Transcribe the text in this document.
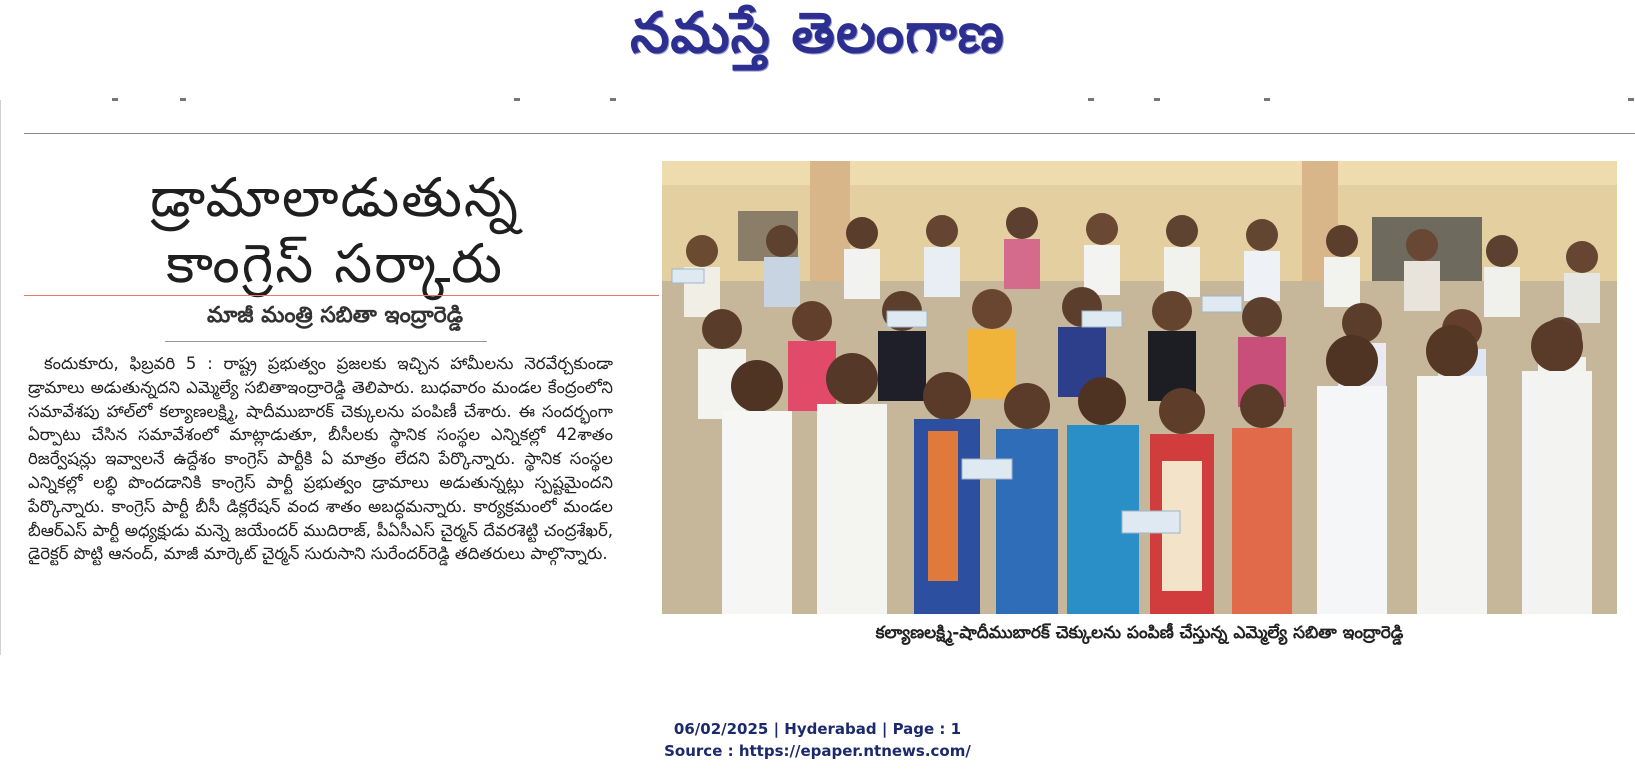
నమస్తే తెలంగాణ
డ్రామాలాడుతున్న
కాంగ్రెస్ సర్కారు
మాజీ మంత్రి సబితా ఇంద్రారెడ్డి

కందుకూరు, ఫిబ్రవరి 5 : రాష్ట్ర ప్రభుత్వం ప్రజలకు ఇచ్చిన హామీలను నెరవేర్చకుండా డ్రామాలు అడుతున్నదని ఎమ్మెల్యే సబితాఇంద్రారెడ్డి తెలిపారు. బుధవారం మండల కేంద్రంలోని సమావేశపు హాల్‌లో కల్యాణలక్ష్మి, షాదీముబారక్ చెక్కులను పంపిణీ చేశారు. ఈ సందర్భంగా ఏర్పాటు చేసిన సమావేశంలో మాట్లాడుతూ, బీసీలకు స్థానిక సంస్థల ఎన్నికల్లో 42శాతం రిజర్వేషన్లు ఇవ్వాలనే ఉద్దేశం కాంగ్రెస్ పార్టీకి ఏ మాత్రం లేదని పేర్కొన్నారు. స్థానిక సంస్థల ఎన్నికల్లో లబ్ధి పొందడానికి కాంగ్రెస్ పార్టీ ప్రభుత్వం డ్రామాలు అడుతున్నట్లు స్పష్టమైందని పేర్కొన్నారు. కాంగ్రెస్ పార్టీ బీసీ డిక్లరేషన్ వంద శాతం అబద్ధమన్నారు. కార్యక్రమంలో మండల బీఆర్ఎస్ పార్టీ అధ్యక్షుడు మన్నె జయేందర్ ముదిరాజ్, పీఏసీఎస్ చైర్మన్ దేవరశెట్టి చంద్రశేఖర్, డైరెక్టర్ పొట్టి ఆనంద్, మాజీ మార్కెట్ చైర్మన్ సురుసాని సురేందర్‌రెడ్డి తదితరులు పాల్గొన్నారు.

కల్యాణలక్ష్మి-షాదీముబారక్ చెక్కులను పంపిణీ చేస్తున్న ఎమ్మెల్యే సబితా ఇంద్రారెడ్డి
06/02/2025 | Hyderabad | Page : 1
Source : https://epaper.ntnews.com/
